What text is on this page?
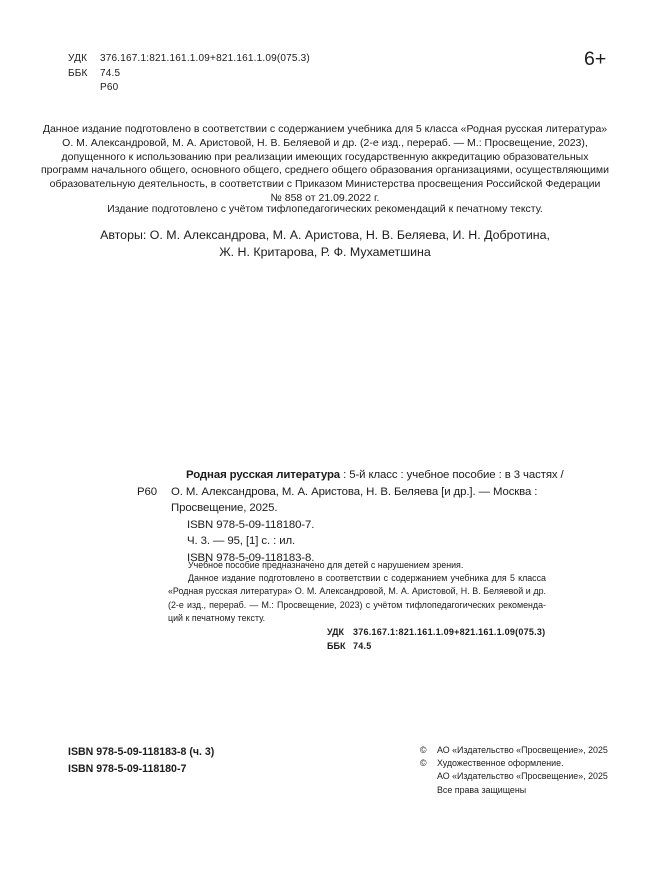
УДК 376.167.1:821.161.1.09+821.161.1.09(075.3)
ББК 74.5
Р60
6+
Данное издание подготовлено в соответствии с содержанием учебника для 5 класса «Родная русская литература»
О. М. Александровой, М. А. Аристовой, Н. В. Беляевой и др. (2-е изд., перераб. — М.: Просвещение, 2023),
допущенного к использованию при реализации имеющих государственную аккредитацию образовательных
программ начального общего, основного общего, среднего общего образования организациями, осуществляющими
образовательную деятельность, в соответствии с Приказом Министерства просвещения Российской Федерации
№ 858 от 21.09.2022 г.
Издание подготовлено с учётом тифлопедагогических рекомендаций к печатному тексту.
Авторы: О. М. Александрова, М. А. Аристова, Н. В. Беляева, И. Н. Добротина,
Ж. Н. Критарова, Р. Ф. Мухаметшина
Р60
Родная русская литература : 5-й класс : учебное пособие : в 3 частях /
О. М. Александрова, М. А. Аристова, Н. В. Беляева [и др.]. — Москва :
Просвещение, 2025.
ISBN 978-5-09-118180-7.
Ч. 3. — 95, [1] с. : ил.
ISBN 978-5-09-118183-8.
Учебное пособие предназначено для детей с нарушением зрения.
Данное издание подготовлено в соответствии с содержанием учебника для 5 класса
«Родная русская литература» О. М. Александровой, М. А. Аристовой, Н. В. Беляевой и др.
(2-е изд., перераб. — М.: Просвещение, 2023) с учётом тифлопедагогических рекоменда-
ций к печатному тексту.
УДК 376.167.1:821.161.1.09+821.161.1.09(075.3)
ББК 74.5
ISBN 978-5-09-118183-8 (ч. 3)
ISBN 978-5-09-118180-7
©	АО «Издательство «Просвещение», 2025
©	Художественное оформление.
АО «Издательство «Просвещение», 2025
Все права защищены
